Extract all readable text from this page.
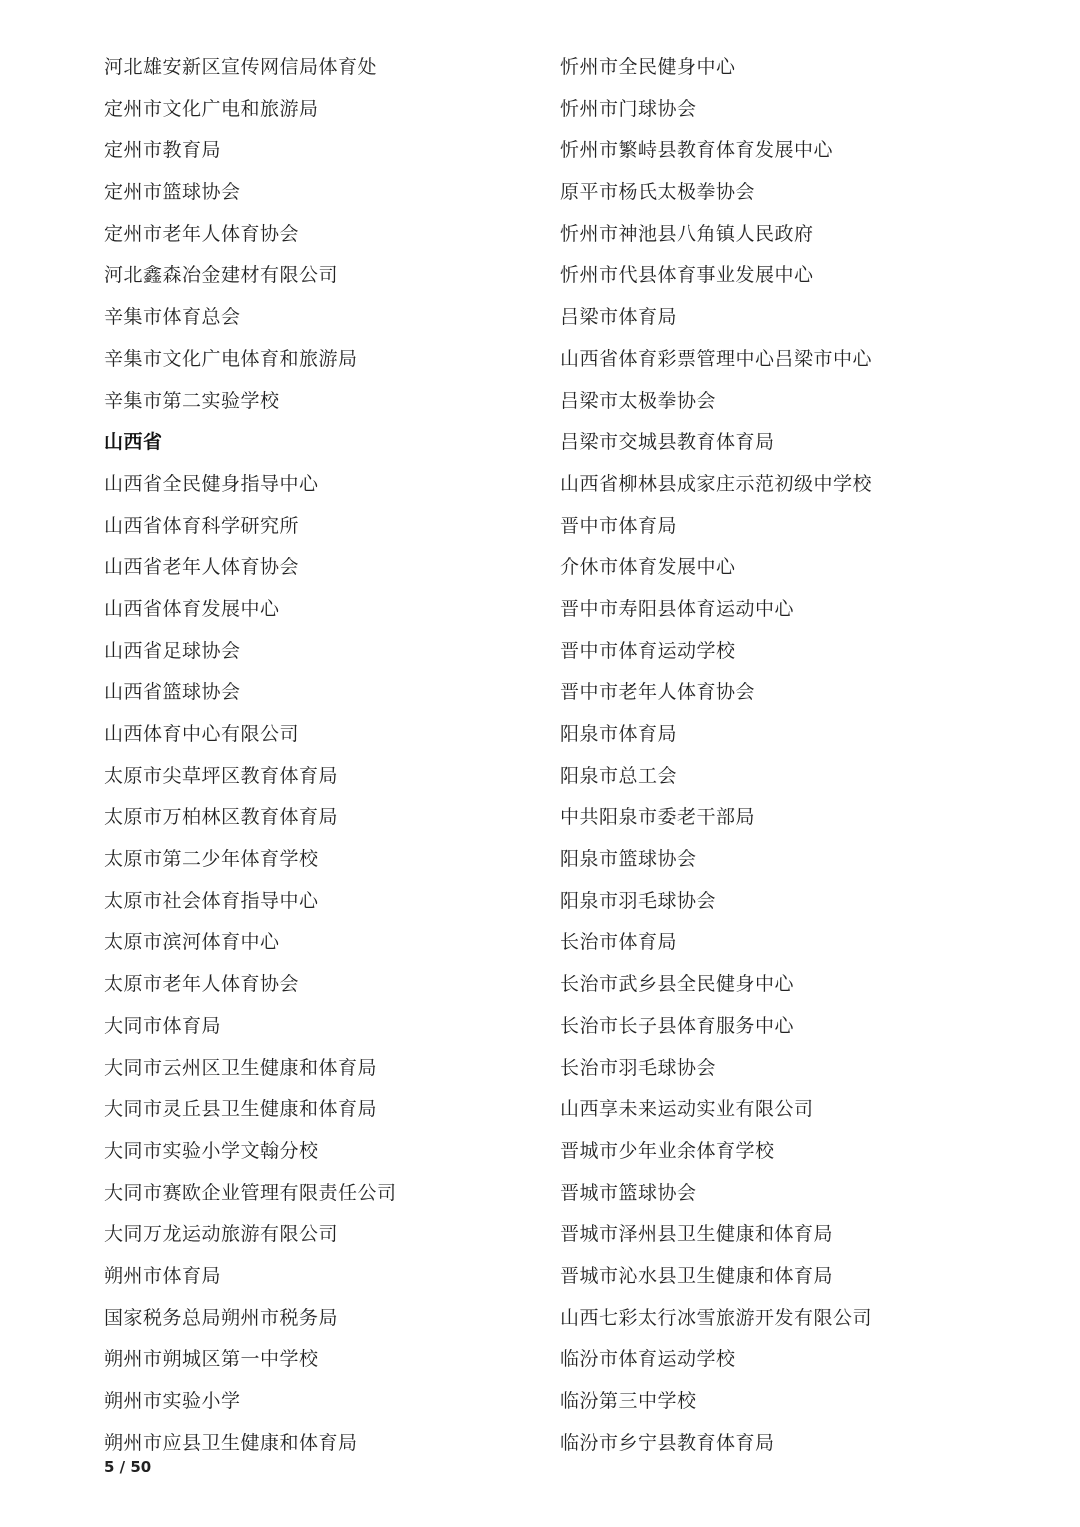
河北雄安新区宣传网信局体育处
定州市文化广电和旅游局
定州市教育局
定州市篮球协会
定州市老年人体育协会
河北鑫森冶金建材有限公司
辛集市体育总会
辛集市文化广电体育和旅游局
辛集市第二实验学校
山西省
山西省全民健身指导中心
山西省体育科学研究所
山西省老年人体育协会
山西省体育发展中心
山西省足球协会
山西省篮球协会
山西体育中心有限公司
太原市尖草坪区教育体育局
太原市万柏林区教育体育局
太原市第二少年体育学校
太原市社会体育指导中心
太原市滨河体育中心
太原市老年人体育协会
大同市体育局
大同市云州区卫生健康和体育局
大同市灵丘县卫生健康和体育局
大同市实验小学文翰分校
大同市赛欧企业管理有限责任公司
大同万龙运动旅游有限公司
朔州市体育局
国家税务总局朔州市税务局
朔州市朔城区第一中学校
朔州市实验小学
朔州市应县卫生健康和体育局
忻州市全民健身中心
忻州市门球协会
忻州市繁峙县教育体育发展中心
原平市杨氏太极拳协会
忻州市神池县八角镇人民政府
忻州市代县体育事业发展中心
吕梁市体育局
山西省体育彩票管理中心吕梁市中心
吕梁市太极拳协会
吕梁市交城县教育体育局
山西省柳林县成家庄示范初级中学校
晋中市体育局
介休市体育发展中心
晋中市寿阳县体育运动中心
晋中市体育运动学校
晋中市老年人体育协会
阳泉市体育局
阳泉市总工会
中共阳泉市委老干部局
阳泉市篮球协会
阳泉市羽毛球协会
长治市体育局
长治市武乡县全民健身中心
长治市长子县体育服务中心
长治市羽毛球协会
山西享未来运动实业有限公司
晋城市少年业余体育学校
晋城市篮球协会
晋城市泽州县卫生健康和体育局
晋城市沁水县卫生健康和体育局
山西七彩太行冰雪旅游开发有限公司
临汾市体育运动学校
临汾第三中学校
临汾市乡宁县教育体育局
5 / 50
